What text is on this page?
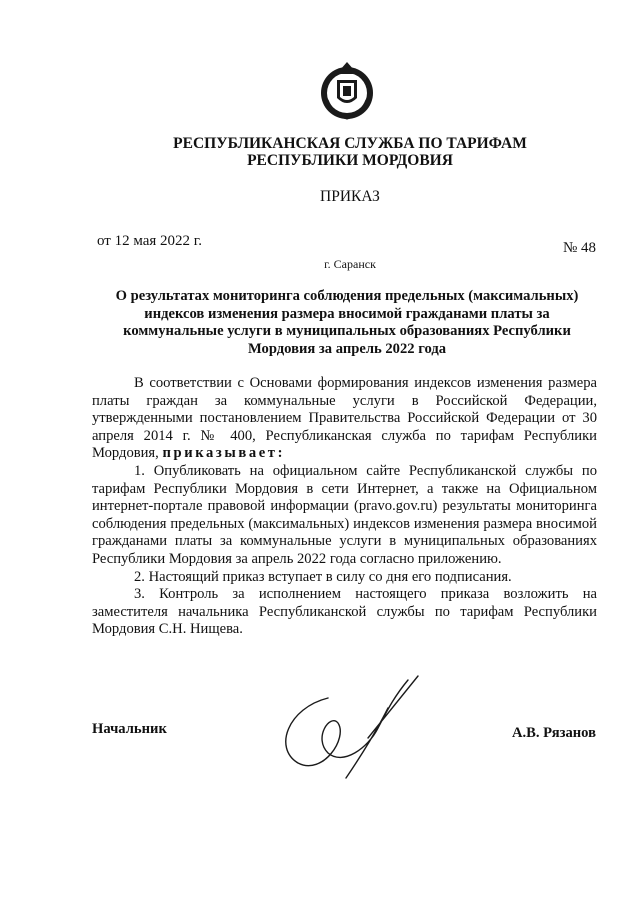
РЕСПУБЛИКАНСКАЯ СЛУЖБА ПО ТАРИФАМ
РЕСПУБЛИКИ МОРДОВИЯ
ПРИКАЗ
от 12 мая 2022 г.	№ 48
г. Саранск
О результатах мониторинга соблюдения предельных (максимальных) индексов изменения размера вносимой гражданами платы за коммунальные услуги в муниципальных образованиях Республики Мордовия за апрель 2022 года

В соответствии с Основами формирования индексов изменения размера платы граждан за коммунальные услуги в Российской Федерации, утвержденными постановлением Правительства Российской Федерации от 30 апреля 2014 г. № 400, Республиканская служба по тарифам Республики Мордовия, приказывает:

1. Опубликовать на официальном сайте Республиканской службы по тарифам Республики Мордовия в сети Интернет, а также на Официальном интернет-портале правовой информации (pravo.gov.ru) результаты мониторинга соблюдения предельных (максимальных) индексов изменения размера вносимой гражданами платы за коммунальные услуги в муниципальных образованиях Республики Мордовия за апрель 2022 года согласно приложению.

2. Настоящий приказ вступает в силу со дня его подписания.

3. Контроль за исполнением настоящего приказа возложить на заместителя начальника Республиканской службы по тарифам Республики Мордовия С.Н. Нищева.

Начальник	А.В. Рязанов
